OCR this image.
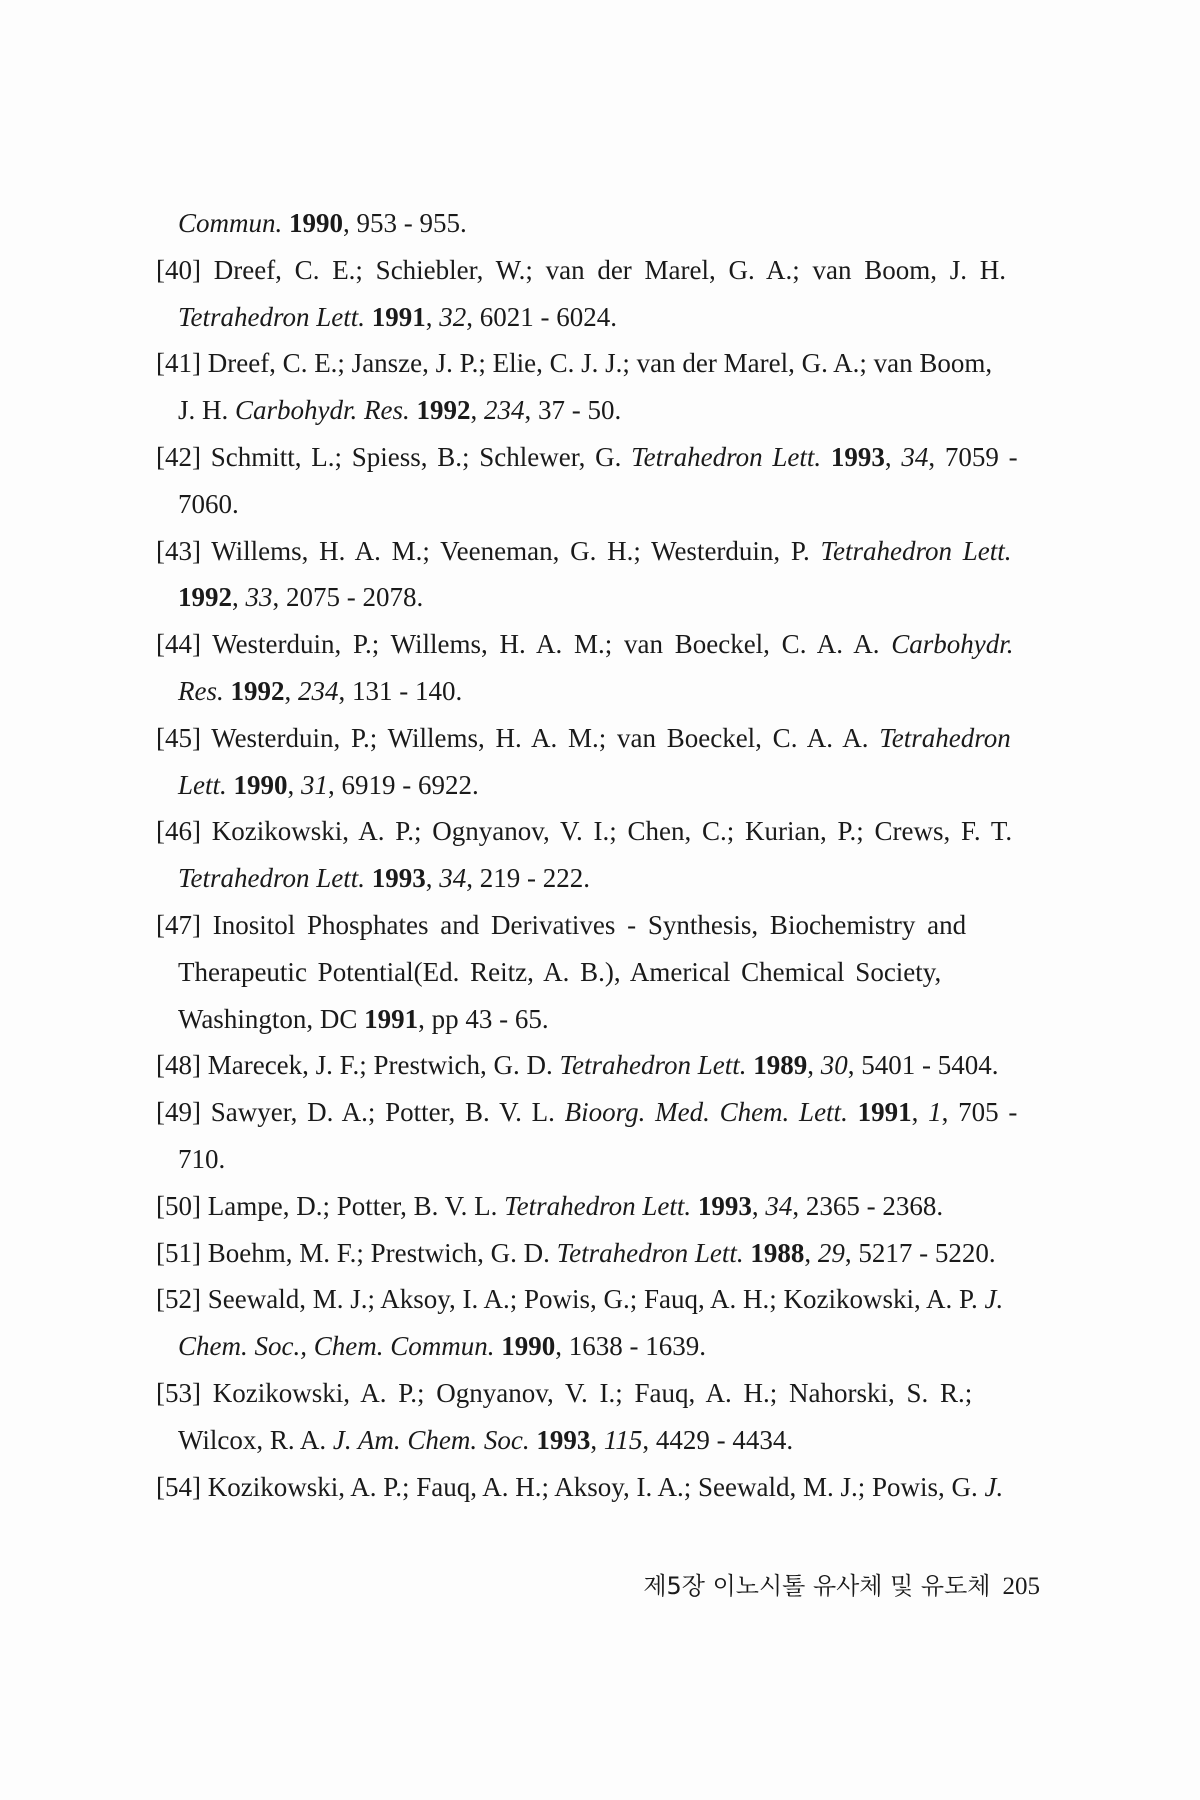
Commun. 1990, 953 - 955.
[40] Dreef, C. E.; Schiebler, W.; van der Marel, G. A.; van Boom, J. H.
Tetrahedron Lett. 1991, 32, 6021 - 6024.
[41] Dreef, C. E.; Jansze, J. P.; Elie, C. J. J.; van der Marel, G. A.; van Boom,
J. H. Carbohydr. Res. 1992, 234, 37 - 50.
[42] Schmitt, L.; Spiess, B.; Schlewer, G. Tetrahedron Lett. 1993, 34, 7059 -
7060.
[43] Willems, H. A. M.; Veeneman, G. H.; Westerduin, P. Tetrahedron Lett.
1992, 33, 2075 - 2078.
[44] Westerduin, P.; Willems, H. A. M.; van Boeckel, C. A. A. Carbohydr.
Res. 1992, 234, 131 - 140.
[45] Westerduin, P.; Willems, H. A. M.; van Boeckel, C. A. A. Tetrahedron
Lett. 1990, 31, 6919 - 6922.
[46] Kozikowski, A. P.; Ognyanov, V. I.; Chen, C.; Kurian, P.; Crews, F. T.
Tetrahedron Lett. 1993, 34, 219 - 222.
[47] Inositol Phosphates and Derivatives - Synthesis, Biochemistry and
Therapeutic Potential(Ed. Reitz, A. B.), Americal Chemical Society,
Washington, DC 1991, pp 43 - 65.
[48] Marecek, J. F.; Prestwich, G. D. Tetrahedron Lett. 1989, 30, 5401 - 5404.
[49] Sawyer, D. A.; Potter, B. V. L. Bioorg. Med. Chem. Lett. 1991, 1, 705 -
710.
[50] Lampe, D.; Potter, B. V. L. Tetrahedron Lett. 1993, 34, 2365 - 2368.
[51] Boehm, M. F.; Prestwich, G. D. Tetrahedron Lett. 1988, 29, 5217 - 5220.
[52] Seewald, M. J.; Aksoy, I. A.; Powis, G.; Fauq, A. H.; Kozikowski, A. P. J.
Chem. Soc., Chem. Commun. 1990, 1638 - 1639.
[53] Kozikowski, A. P.; Ognyanov, V. I.; Fauq, A. H.; Nahorski, S. R.;
Wilcox, R. A. J. Am. Chem. Soc. 1993, 115, 4429 - 4434.
[54] Kozikowski, A. P.; Fauq, A. H.; Aksoy, I. A.; Seewald, M. J.; Powis, G. J.
제5장 이노시톨 유사체 및 유도체 205
